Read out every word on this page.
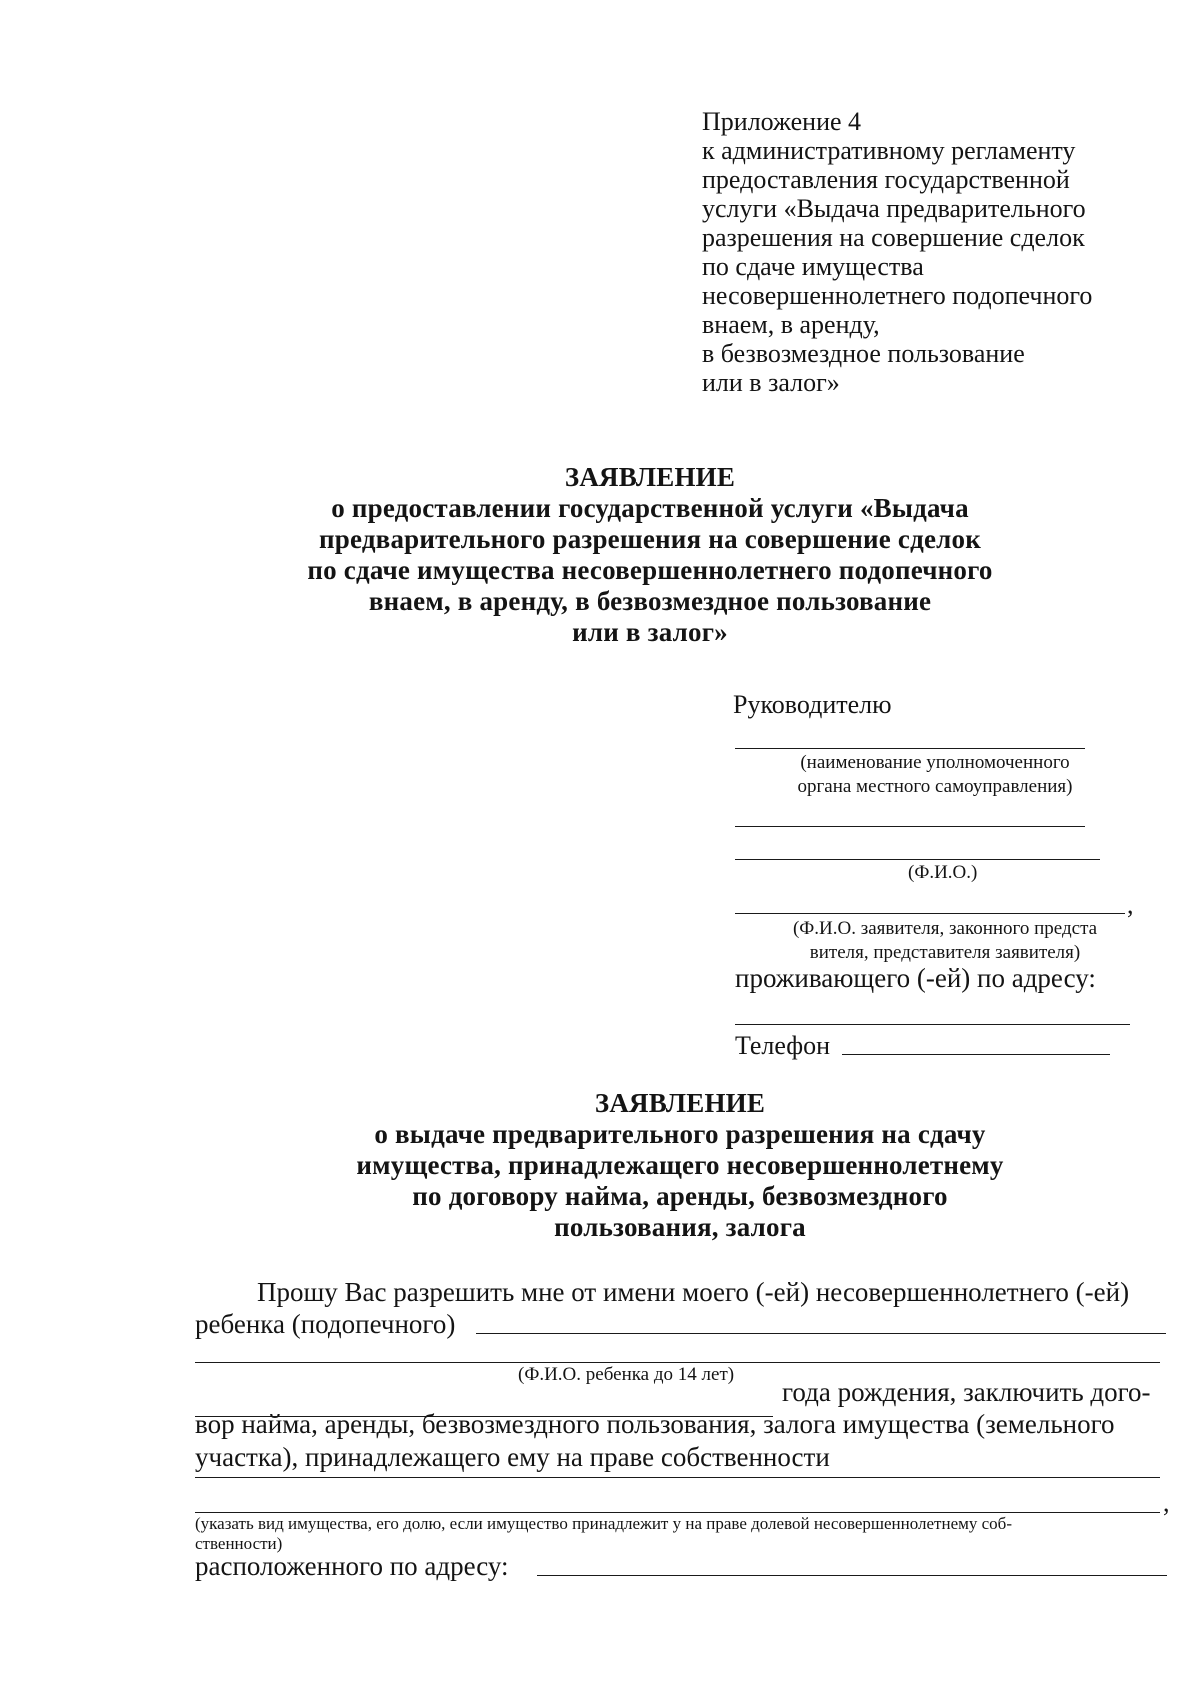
Приложение 4
к административному регламенту
предоставления государственной
услуги «Выдача предварительного
разрешения на совершение сделок
по сдаче имущества
несовершеннолетнего подопечного
внаем, в аренду,
в безвозмездное пользование
или в залог»
ЗАЯВЛЕНИЕ
о предоставлении государственной услуги «Выдача
предварительного разрешения на совершение сделок
по сдаче имущества несовершеннолетнего подопечного
внаем, в аренду, в безвозмездное пользование
или в залог»
Руководителю
(наименование уполномоченного
органа местного самоуправления)
(Ф.И.О.)
,
(Ф.И.О. заявителя, законного предста
вителя, представителя заявителя)
проживающего (-ей) по адресу:
Телефон
ЗАЯВЛЕНИЕ
о выдаче предварительного разрешения на сдачу
имущества, принадлежащего несовершеннолетнему
по договору найма, аренды, безвозмездного
пользования, залога
Прошу Вас разрешить мне от имени моего (-ей) несовершеннолетнего (-ей)
ребенка (подопечного)
(Ф.И.О. ребенка до 14 лет)
года рождения, заключить дого-
вор найма, аренды, безвозмездного пользования, залога имущества (земельного
участка), принадлежащего ему на праве собственности
,
(указать вид имущества, его долю, если имущество принадлежит у на праве долевой несовершеннолетнему соб-
ственности)
расположенного по адресу:
